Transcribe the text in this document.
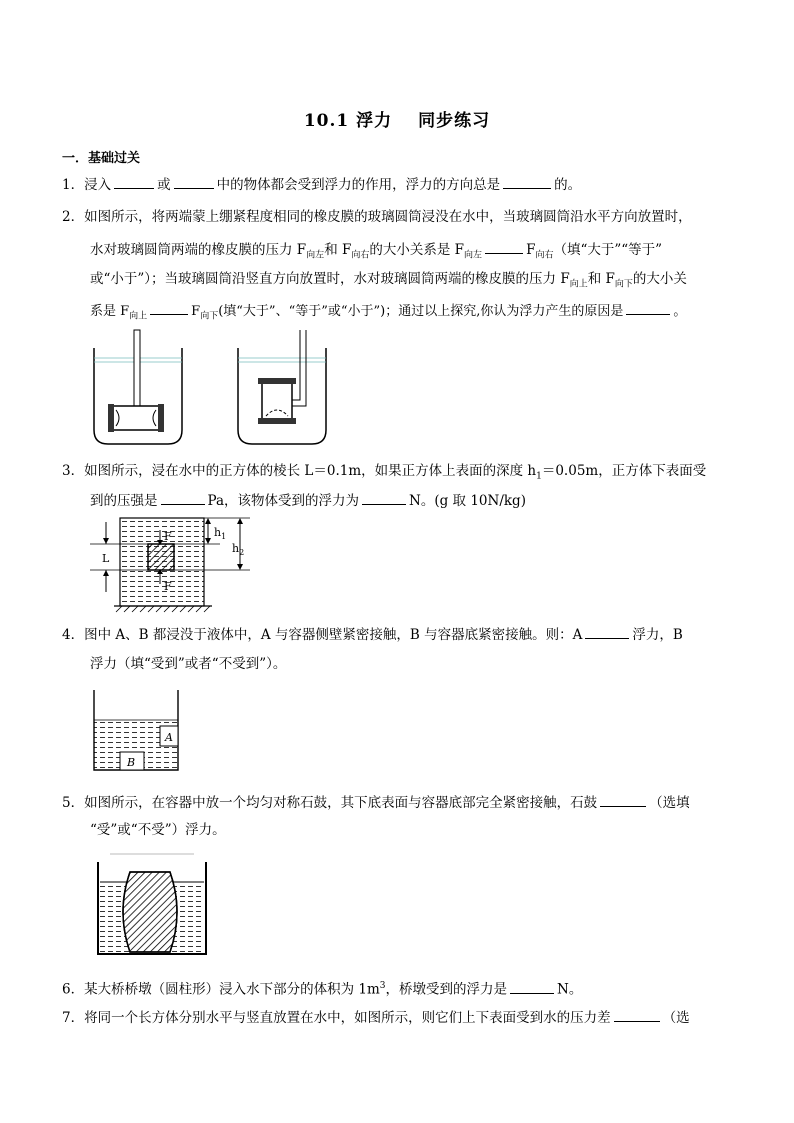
10.1 浮力 同步练习
一．基础过关
1．浸入	或	中的物体都会受到浮力的作用，浮力的方向总是	的。
2．如图所示，将两端蒙上绷紧程度相同的橡皮膜的玻璃圆筒浸没在水中，当玻璃圆筒沿水平方向放置时，
水对玻璃圆筒两端的橡皮膜的压力 $F_{向左}$和 $F_{向右}$的大小关系是 $F_{向左}$	$F_{向右}$（填“大于”“等于”
或“小于”）；当玻璃圆筒沿竖直方向放置时，水对玻璃圆筒两端的橡皮膜的压力 $F_{向上}$和 $F_{向下}$的大小关
系是 $F_{向上}$	$F_{向下}$(填“大于”、“等于”或“小于”)；通过以上探究,你认为浮力产生的原因是	。
3．如图所示，浸在水中的正方体的棱长 L＝0.1m，如果正方体上表面的深度 $h_1=0.05m$，正方体下表面受
到的压强是	Pa，该物体受到的浮力为	N。(g 取 10N/kg)
F
F
L
$h_1$
$h_2$
4．图中 A、B 都浸没于液体中，A 与容器侧壁紧密接触，B 与容器底紧密接触。则：A	浮力，B
浮力（填“受到”或者“不受到”）。
A
B
5．如图所示，在容器中放一个均匀对称石鼓，其下底表面与容器底部完全紧密接触，石鼓	（选填
“受”或“不受”）浮力。
6．某大桥桥墩（圆柱形）浸入水下部分的体积为 $1m^3$，桥墩受到的浮力是	N。
7．将同一个长方体分别水平与竖直放置在水中，如图所示，则它们上下表面受到水的压力差	（选
